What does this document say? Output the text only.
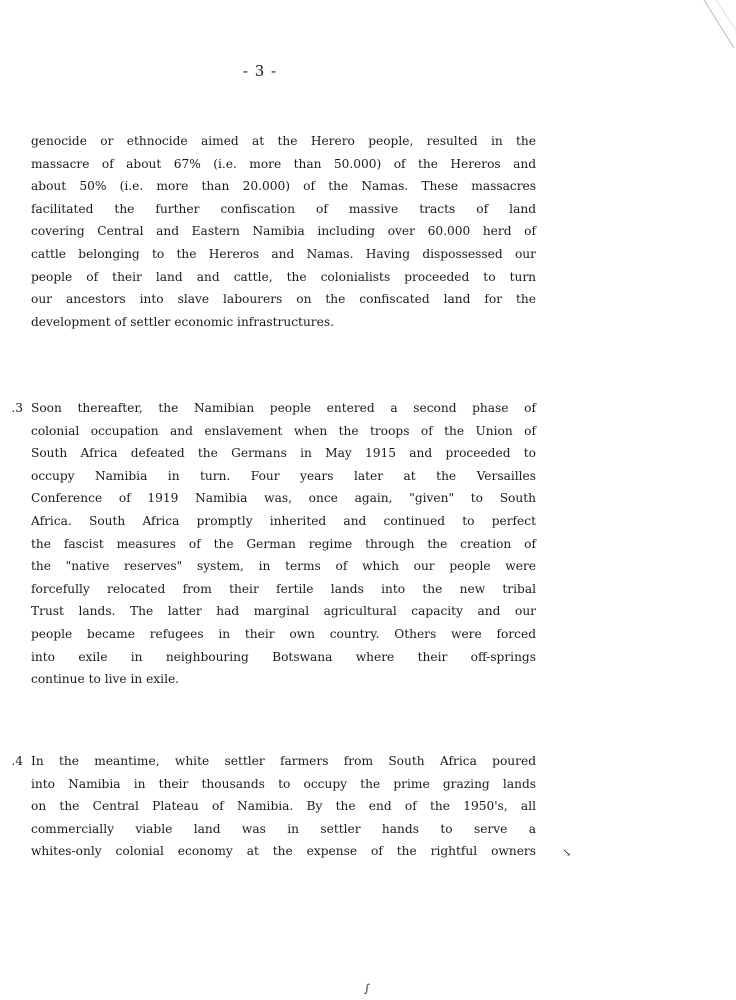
- 3 -
genocide or ethnocide aimed at the Herero people, resulted in the
massacre of about 67% (i.e. more than 50.000) of the Hereros and
about 50% (i.e. more than 20.000) of the Namas. These massacres
facilitated the further confiscation of massive tracts of land
covering Central and Eastern Namibia including over 60.000 herd of
cattle belonging to the Hereros and Namas. Having dispossessed our
people of their land and cattle, the colonialists proceeded to turn
our ancestors into slave labourers on the confiscated land for the
development of settler economic infrastructures.
.3 Soon thereafter, the Namibian people entered a second phase of
colonial occupation and enslavement when the troops of the Union of
South Africa defeated the Germans in May 1915 and proceeded to
occupy Namibia in turn. Four years later at the Versailles
Conference of 1919 Namibia was, once again, "given" to South
Africa. South Africa promptly inherited and continued to perfect
the fascist measures of the German regime through the creation of
the "native reserves" system, in terms of which our people were
forcefully relocated from their fertile lands into the new tribal
Trust lands. The latter had marginal agricultural capacity and our
people became refugees in their own country. Others were forced
into exile in neighbouring Botswana where their off-springs
continue to live in exile.
.4 In the meantime, white settler farmers from South Africa poured
into Namibia in their thousands to occupy the prime grazing lands
on the Central Plateau of Namibia. By the end of the 1950's, all
commercially viable land was in settler hands to serve a
whites-only colonial economy at the expense of the rightful owners ↘
∫
